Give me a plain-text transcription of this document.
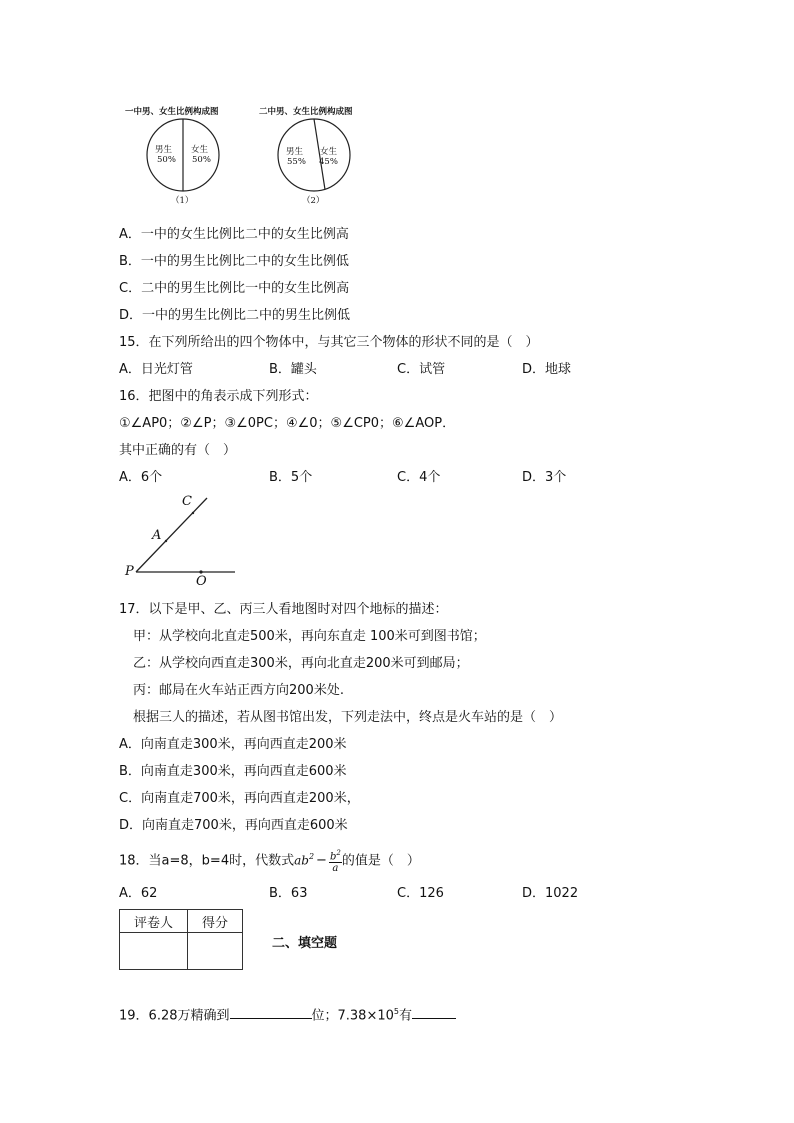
一中男、女生比例构成图	二中男、女生比例构成图
男生
50%
女生
50%
（1）
男生
55%
女生
45%
（2）
A．一中的女生比例比二中的女生比例高
B．一中的男生比例比二中的女生比例低
C．二中的男生比例比一中的女生比例高
D．一中的男生比例比二中的男生比例低
15．在下列所给出的四个物体中，与其它三个物体的形状不同的是（　）
A．日光灯管	B．罐头	C．试管	D．地球
16．把图中的角表示成下列形式：
①∠AP0；②∠P；③∠0PC；④∠0；⑤∠CP0；⑥∠AOP．
其中正确的有（　）
A．6个	B．5个	C．4个	D．3个
C
A
P
O
17．以下是甲、乙、丙三人看地图时对四个地标的描述：
甲：从学校向北直走500米，再向东直走 100米可到图书馆；
乙：从学校向西直走300米，再向北直走200米可到邮局；
丙：邮局在火车站正西方向200米处.
根据三人的描述，若从图书馆出发，下列走法中，终点是火车站的是（　）
A．向南直走300米，再向西直走200米
B．向南直走300米，再向西直走600米
C．向南直走700米，再向西直走200米，
D．向南直走700米，再向西直走600米
18．当a=8，b=4时，代数式$ab^2 - \frac{b^2}{a}$ 的值是（　）
A．62	B．63	C．126	D．1022
评卷人	得分

二、填空题
19．6.28万精确到	位；$7.38\times 10^5$有
